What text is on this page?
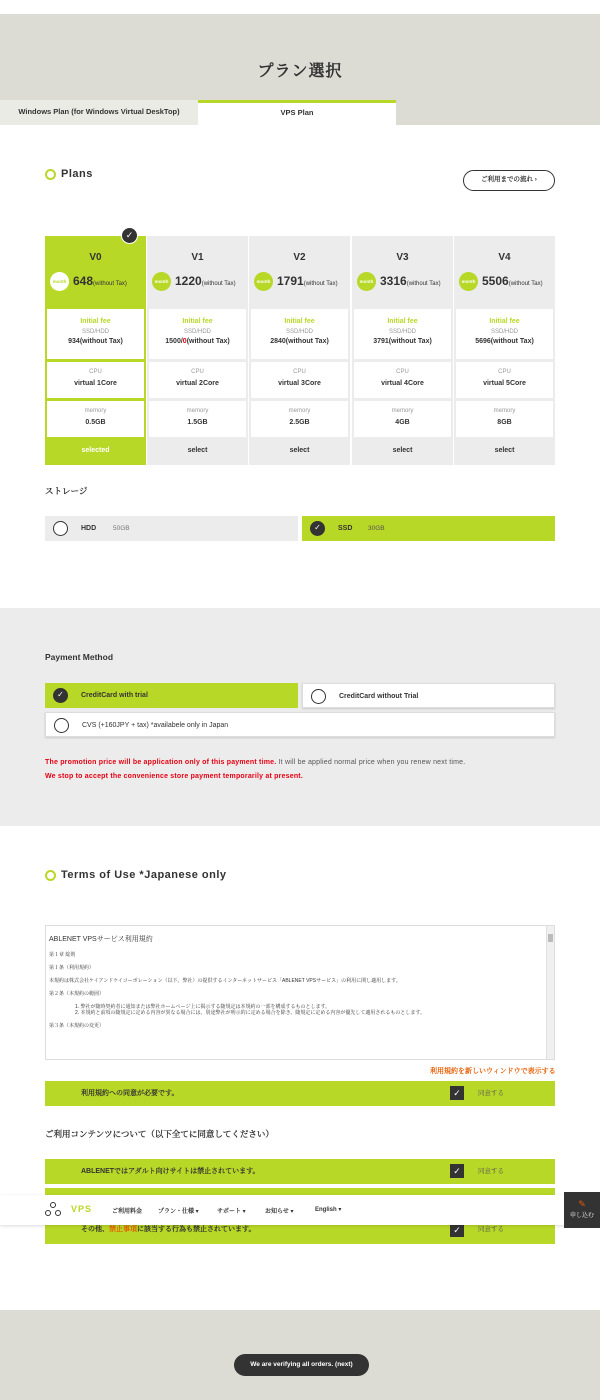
プラン選択
Windows Plan (for Windows Virtual DeskTop)	VPS Plan
Plans	ご利用までの流れ ›
V0
month 648(without Tax)
Initial fee
SSD/HDD
934(without Tax)
CPU
virtual 1Core
memory
0.5GB
selected
V1
month 1220(without Tax)
Initial fee
SSD/HDD
1500/0(without Tax)
CPU
virtual 2Core
memory
1.5GB
select
V2
month 1791(without Tax)
Initial fee
SSD/HDD
2840(without Tax)
CPU
virtual 3Core
memory
2.5GB
select
V3
month 3316(without Tax)
Initial fee
SSD/HDD
3791(without Tax)
CPU
virtual 4Core
memory
4GB
select
V4
month 5506(without Tax)
Initial fee
SSD/HDD
5696(without Tax)
CPU
virtual 5Core
memory
8GB
select
✓
ストレージ
HDD	50GB	✓	SSD 30GB
Payment Method
✓	CreditCard with trial	CreditCard without Trial
CVS (+160JPY + tax) *availabele only in Japan
The promotion price will be application only of this payment time. It will be applied normal price when you renew next time.
We stop to accept the convenience store payment temporarily at present.
Terms of Use *Japanese only
ABLENET VPSサービス利用規約

第１章 総則

第１条（利用規約）

本規約は株式会社ケイアンドケイコーポレーション（以下、弊社）の提供するインターネットサービス「ABLENET VPSサービス」の利用に関し適用します。

第２条（本規約の範囲）

1. 弊社が随時契約者に通知または弊社ホームページ上に掲示する随規定は本規約の一部を構成するものとします。

2. 本規約と前項の随規定に定める内容が異なる場合には、別途弊社が明示的に定める場合を除き、随規定に定める内容が優先して適用されるものとします。

第３条（本規約の変更）

利用規約を新しいウィンドウで表示する
利用規約への同意が必要です。	✓	同意する
ご利用コンテンツについて（以下全てに同意してください）
ABLENETではアダルト向けサイトは禁止されています。	✓	同意する
その他、禁止事項に該当する行為も禁止されています。	✓	同意する
VPS	ご利用料金	プラン・仕様 ▾	サポート ▾	お知らせ ▾	English ▾
✎
申し込む
We are verifying all orders. (next)
